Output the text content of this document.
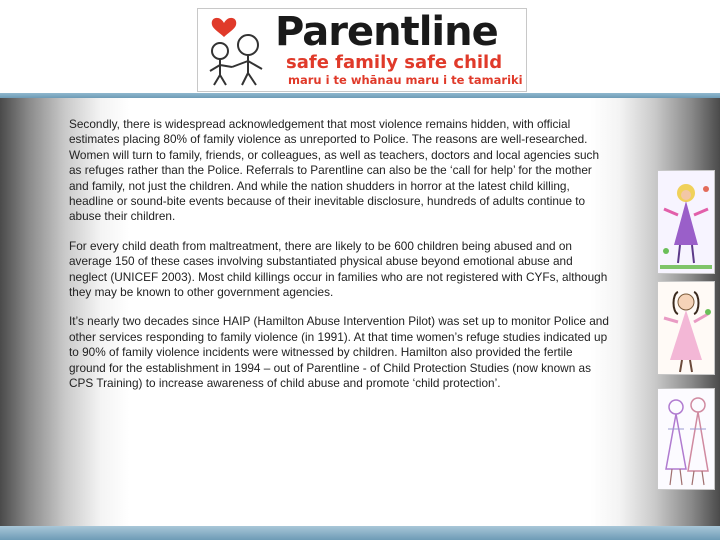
Parentline
safe family safe child
maru i te whānau maru i te tamariki

Secondly, there is widespread acknowledgement that most violence remains hidden, with official estimates placing 80% of family violence as unreported to Police. The reasons are well-researched. Women will turn to family, friends, or colleagues, as well as teachers, doctors and local agencies such as refuges rather than the Police. Referrals to Parentline can also be the ‘call for help’ for the mother and family, not just the children. And while the nation shudders in horror at the latest child killing, headline or sound-bite events because of their inevitable disclosure, hundreds of adults continue to abuse their children.

For every child death from maltreatment, there are likely to be 600 children being abused and on average 150 of these cases involving substantiated physical abuse beyond emotional abuse and neglect (UNICEF 2003). Most child killings occur in families who are not registered with CYFs, although they may be known to other government agencies.

It’s nearly two decades since HAIP (Hamilton Abuse Intervention Pilot) was set up to monitor Police and other services responding to family violence (in 1991). At that time women’s refuge studies indicated up to 90% of family violence incidents were witnessed by children. Hamilton also provided the fertile ground for the establishment in 1994 – out of Parentline - of Child Protection Studies (now known as CPS Training) to increase awareness of child abuse and promote ‘child protection’.
